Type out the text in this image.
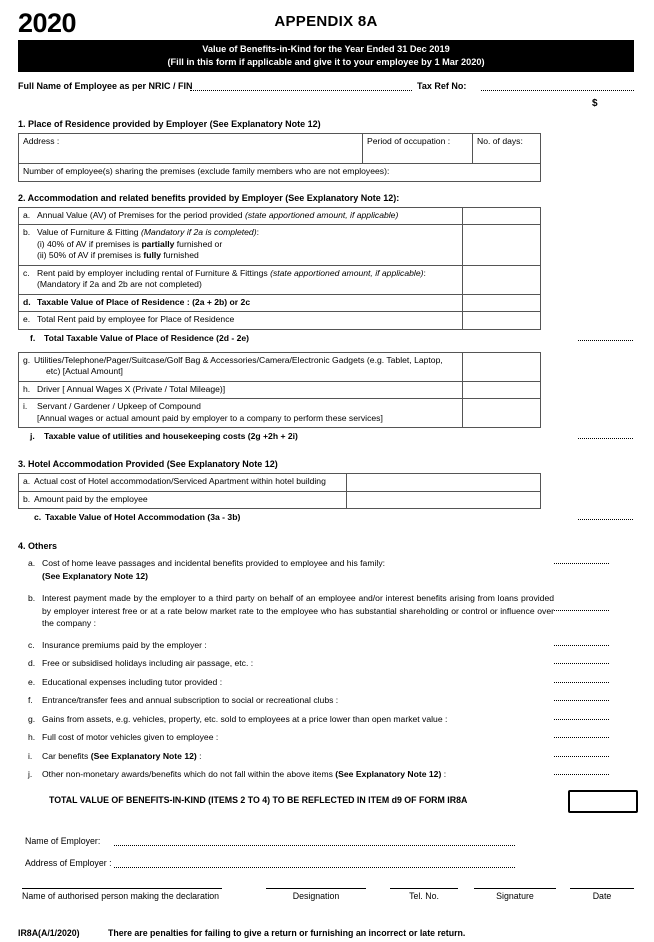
2020	APPENDIX 8A
Value of Benefits-in-Kind for the Year Ended 31 Dec 2019
(Fill in this form if applicable and give it to your employee by 1 Mar 2020)
Full Name of Employee as per NRIC / FIN	Tax Ref No:
$
1. Place of Residence provided by Employer (See Explanatory Note 12)
Address :	Period of occupation :	No. of days:
Number of employee(s) sharing the premises (exclude family members who are not employees):
2. Accommodation and related benefits provided by Employer (See Explanatory Note 12):
a. Annual Value (AV) of Premises for the period provided (state apportioned amount, if applicable)	
b. Value of Furniture & Fitting (Mandatory if 2a is completed):
(i) 40% of AV if premises is partially furnished or
(ii) 50% of AV if premises is fully furnished	
c. Rent paid by employer including rental of Furniture & Fittings (state apportioned amount, if applicable):
(Mandatory if 2a and 2b are not completed)	
d. Taxable Value of Place of Residence : (2a + 2b) or 2c	
e. Total Rent paid by employee for Place of Residence	
f. Total Taxable Value of Place of Residence (2d - 2e)
g. Utilities/Telephone/Pager/Suitcase/Golf Bag & Accessories/Camera/Electronic Gadgets (e.g. Tablet, Laptop,
etc) [Actual Amount]	
h. Driver [ Annual Wages X (Private / Total Mileage)]	
i. Servant / Gardener / Upkeep of Compound
[Annual wages or actual amount paid by employer to a company to perform these services]	
j. Taxable value of utilities and housekeeping costs (2g +2h + 2i)
3. Hotel Accommodation Provided (See Explanatory Note 12)
a. Actual cost of Hotel accommodation/Serviced Apartment within hotel building	
b. Amount paid by the employee	
c. Taxable Value of Hotel Accommodation (3a - 3b)
4. Others
a. Cost of home leave passages and incidental benefits provided to employee and his family:
(See Explanatory Note 12)
b. Interest payment made by the employer to a third party on behalf of an employee and/or interest benefits arising from loans provided by employer interest free or at a rate below market rate to the employee who has substantial shareholding or control or influence over the company :
c. Insurance premiums paid by the employer :
d. Free or subsidised holidays including air passage, etc. :
e. Educational expenses including tutor provided :
f. Entrance/transfer fees and annual subscription to social or recreational clubs :
g. Gains from assets, e.g. vehicles, property, etc. sold to employees at a price lower than open market value :
h. Full cost of motor vehicles given to employee :
i. Car benefits (See Explanatory Note 12) :
j. Other non-monetary awards/benefits which do not fall within the above items (See Explanatory Note 12) :
TOTAL VALUE OF BENEFITS-IN-KIND (ITEMS 2 TO 4) TO BE REFLECTED IN ITEM d9 OF FORM IR8A
Name of Employer:
Address of Employer :
Name of authorised person making the declaration	Designation	Tel. No.	Signature	Date
IR8A(A/1/2020)	There are penalties for failing to give a return or furnishing an incorrect or late return.
